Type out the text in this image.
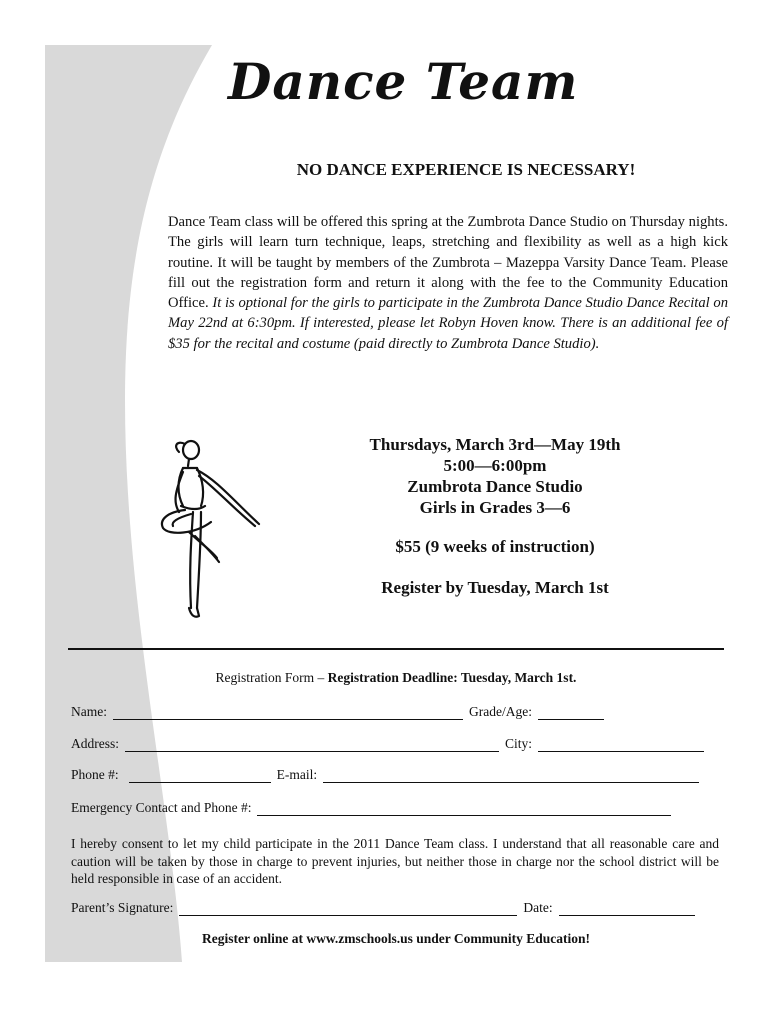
Dance Team
NO DANCE EXPERIENCE IS NECESSARY!
Dance Team class will be offered this spring at the Zumbrota Dance Studio on Thursday nights. The girls will learn turn technique, leaps, stretching and flexibility as well as a high kick routine. It will be taught by members of the Zumbrota – Mazeppa Varsity Dance Team. Please fill out the registration form and return it along with the fee to the Community Education Office. It is optional for the girls to participate in the Zumbrota Dance Studio Dance Recital on May 22nd at 6:30pm. If interested, please let Robyn Hoven know. There is an additional fee of $35 for the recital and costume (paid directly to Zumbrota Dance Studio).
Thursdays, March 3rd—May 19th
5:00—6:00pm
Zumbrota Dance Studio
Girls in Grades 3—6
$55 (9 weeks of instruction)
Register by Tuesday, March 1st
Registration Form – Registration Deadline: Tuesday, March 1st.
Name:	Grade/Age:
Address:	City:
Phone #:	E-mail:
Emergency Contact and Phone #:
I hereby consent to let my child participate in the 2011 Dance Team class. I understand that all reasonable care and caution will be taken by those in charge to prevent injuries, but neither those in charge nor the school district will be held responsible in case of an accident.
Parent’s Signature:	Date:
Register online at www.zmschools.us under Community Education!
